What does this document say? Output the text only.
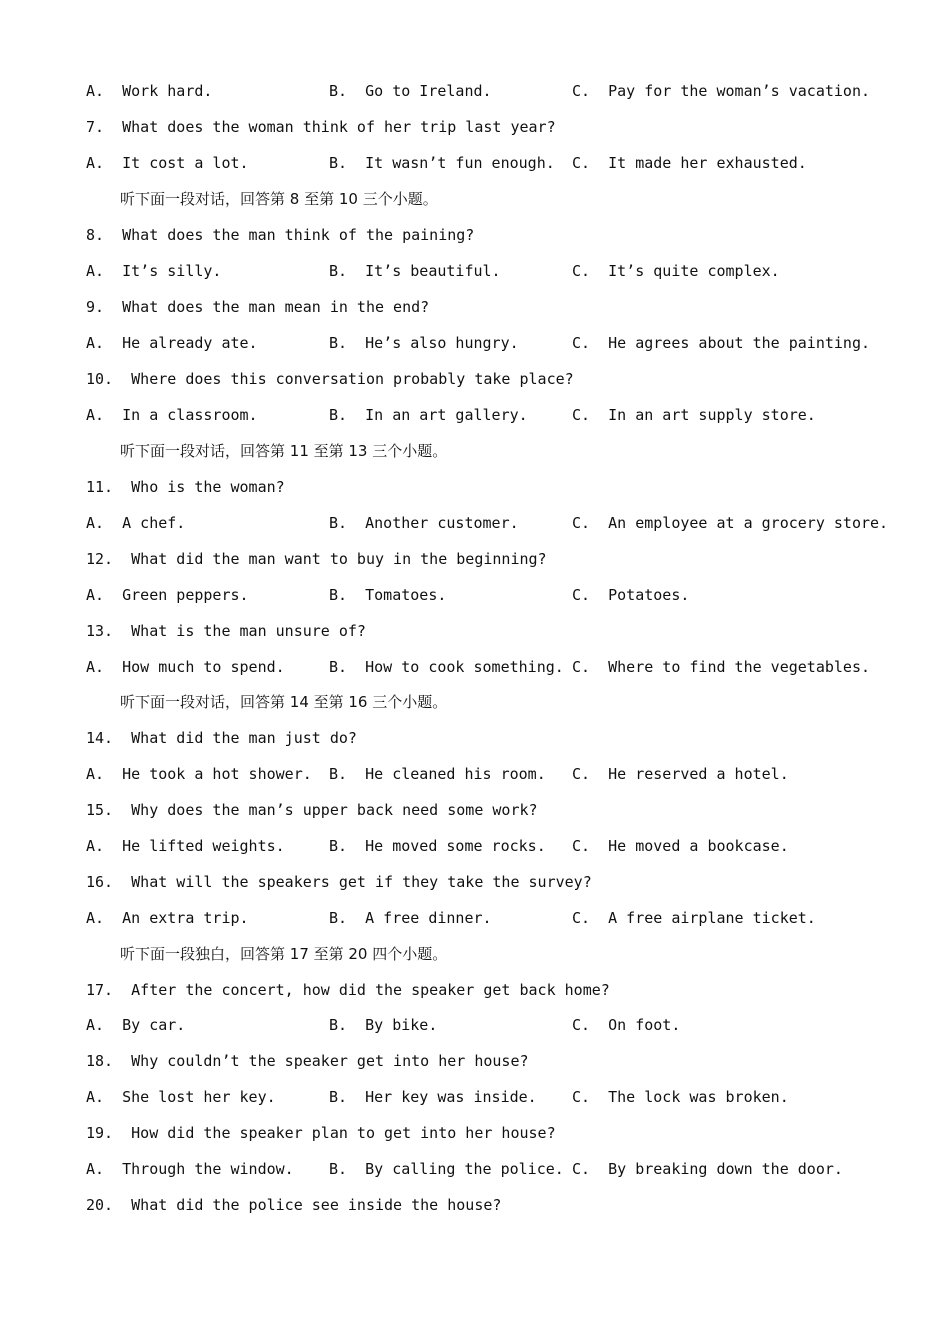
A.  Work hard.

	B.  Go to Ireland.

	C.  Pay for the woman’s vacation.

7.  What does the woman think of her trip last year?

A.  It cost a lot.

	B.  It wasn’t fun enough.

C.  It made her exhausted.

听下面一段对话，回答第 8 至第 10 三个小题。
8.  What does the man think of the paining?

A.  It’s silly.

	B.  It’s beautiful.

	C.  It’s quite complex.

9.  What does the man mean in the end?

A.  He already ate.

	B.  He’s also hungry.

	C.  He agrees about the painting.

10.  Where does this conversation probably take place?

A.  In a classroom.

	B.  In an art gallery.

	C.  In an art supply store.

听下面一段对话，回答第 11 至第 13 三个小题。
11.  Who is the woman?

A.  A chef.

	B.  Another customer.

	C.  An employee at a grocery store.

12.  What did the man want to buy in the beginning?

A.  Green peppers.

	B.  Tomatoes.

	C.  Potatoes.

13.  What is the man unsure of?

A.  How much to spend.

	B.  How to cook something.

C.  Where to find the vegetables.

听下面一段对话，回答第 14 至第 16 三个小题。
14.  What did the man just do?

A.  He took a hot shower.

B.  He cleaned his room.

C.  He reserved a hotel.

15.  Why does the man’s upper back need some work?

A.  He lifted weights.

	B.  He moved some rocks.

C.  He moved a bookcase.

16.  What will the speakers get if they take the survey?

A.  An extra trip.

	B.  A free dinner.

	C.  A free airplane ticket.

听下面一段独白，回答第 17 至第 20 四个小题。
17.  After the concert, how did the speaker get back home?

A.  By car.

	B.  By bike.

	C.  On foot.

18.  Why couldn’t the speaker get into her house?

A.  She lost her key.

	B.  Her key was inside.

C.  The lock was broken.

19.  How did the speaker plan to get into her house?

A.  Through the window.

B.  By calling the police.

C.  By breaking down the door.

20.  What did the police see inside the house?
